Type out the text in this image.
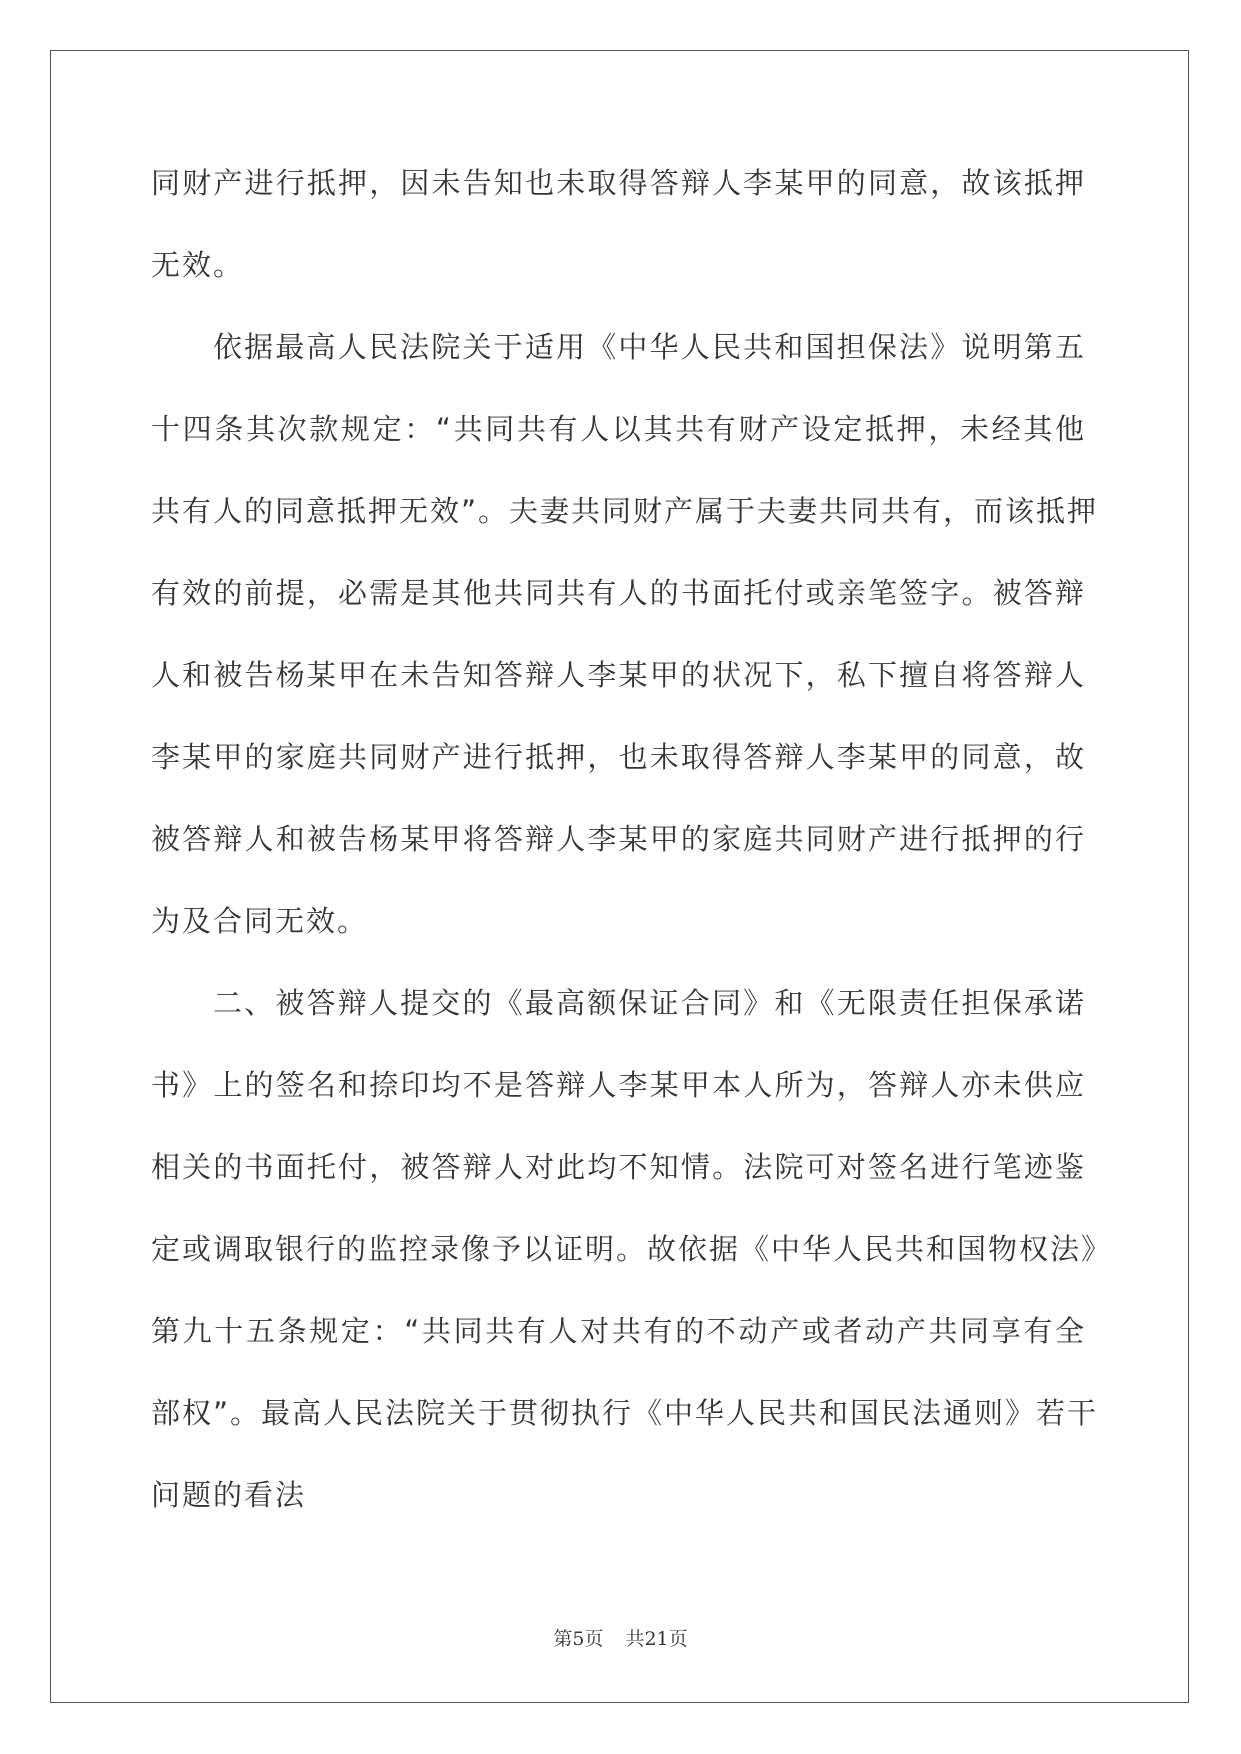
同财产进行抵押，因未告知也未取得答辩人李某甲的同意，故该抵押
无效。
依据最高人民法院关于适用《中华人民共和国担保法》说明第五
十四条其次款规定：“共同共有人以其共有财产设定抵押，未经其他
共有人的同意抵押无效”。夫妻共同财产属于夫妻共同共有，而该抵押
有效的前提，必需是其他共同共有人的书面托付或亲笔签字。被答辩
人和被告杨某甲在未告知答辩人李某甲的状况下，私下擅自将答辩人
李某甲的家庭共同财产进行抵押，也未取得答辩人李某甲的同意，故
被答辩人和被告杨某甲将答辩人李某甲的家庭共同财产进行抵押的行
为及合同无效。
二、被答辩人提交的《最高额保证合同》和《无限责任担保承诺
书》上的签名和捺印均不是答辩人李某甲本人所为，答辩人亦未供应
相关的书面托付，被答辩人对此均不知情。法院可对签名进行笔迹鉴
定或调取银行的监控录像予以证明。故依据《中华人民共和国物权法》
第九十五条规定：“共同共有人对共有的不动产或者动产共同享有全
部权”。最高人民法院关于贯彻执行《中华人民共和国民法通则》若干
问题的看法
第5页 共21页
